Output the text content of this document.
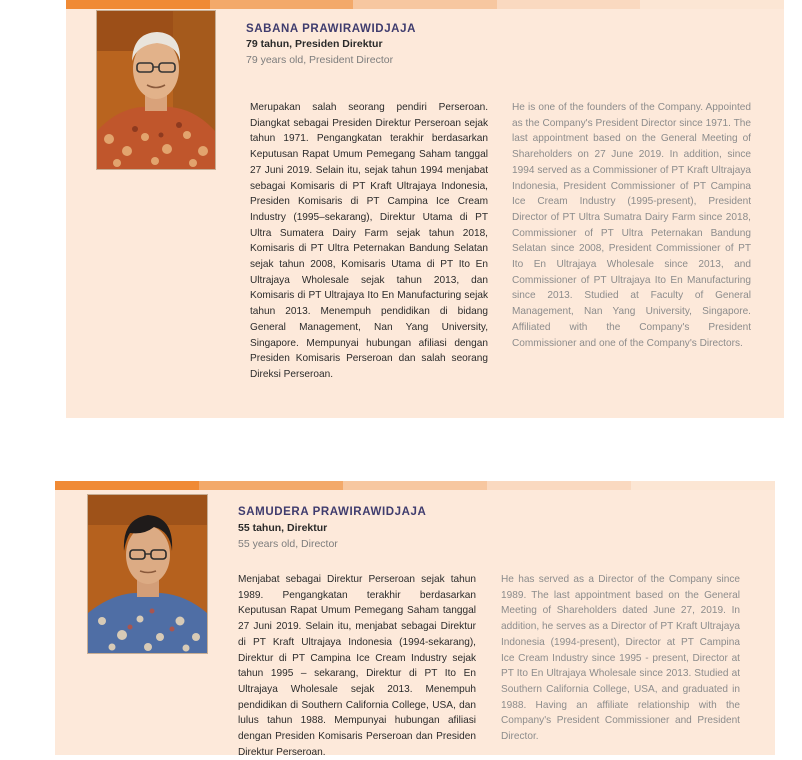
SABANA PRAWIRAWIDJAJA

79 tahun, Presiden Direktur

79 years old, President Director

Merupakan salah seorang pendiri Perseroan. Diangkat sebagai Presiden Direktur Perseroan sejak tahun 1971. Pengangkatan terakhir berdasarkan Keputusan Rapat Umum Pemegang Saham tanggal 27 Juni 2019. Selain itu, sejak tahun 1994 menjabat sebagai Komisaris di PT Kraft Ultrajaya Indonesia, Presiden Komisaris di PT Campina Ice Cream Industry (1995–sekarang), Direktur Utama di PT Ultra Sumatera Dairy Farm sejak tahun 2018, Komisaris di PT Ultra Peternakan Bandung Selatan sejak tahun 2008, Komisaris Utama di PT Ito En Ultrajaya Wholesale sejak tahun 2013, dan Komisaris di PT Ultrajaya Ito En Manufacturing sejak tahun 2013. Menempuh pendidikan di bidang General Management, Nan Yang University, Singapore. Mempunyai hubungan afiliasi dengan Presiden Komisaris Perseroan dan salah seorang Direksi Perseroan.

He is one of the founders of the Company. Appointed as the Company's President Director since 1971. The last appointment based on the General Meeting of Shareholders on 27 June 2019. In addition, since 1994 served as a Commissioner of PT Kraft Ultrajaya Indonesia, President Commissioner of PT Campina Ice Cream Industry (1995-present), President Director of PT Ultra Sumatra Dairy Farm since 2018, Commissioner of PT Ultra Peternakan Bandung Selatan since 2008, President Commissioner of PT Ito En Ultrajaya Wholesale since 2013, and Commissioner of PT Ultrajaya Ito En Manufacturing since 2013. Studied at Faculty of General Management, Nan Yang University, Singapore. Affiliated with the Company's President Commissioner and one of the Company's Directors.

SAMUDERA PRAWIRAWIDJAJA

55 tahun, Direktur

55 years old, Director

Menjabat sebagai Direktur Perseroan sejak tahun 1989. Pengangkatan terakhir berdasarkan Keputusan Rapat Umum Pemegang Saham tanggal 27 Juni 2019. Selain itu, menjabat sebagai Direktur di PT Kraft Ultrajaya Indonesia (1994-sekarang), Direktur di PT Campina Ice Cream Industry sejak tahun 1995 – sekarang, Direktur di PT Ito En Ultrajaya Wholesale sejak 2013. Menempuh pendidikan di Southern California College, USA, dan lulus tahun 1988. Mempunyai hubungan afiliasi dengan Presiden Komisaris Perseroan dan Presiden Direktur Perseroan.

He has served as a Director of the Company since 1989. The last appointment based on the General Meeting of Shareholders dated June 27, 2019. In addition, he serves as a Director of PT Kraft Ultrajaya Indonesia (1994-present), Director at PT Campina Ice Cream Industry since 1995 - present, Director at PT Ito En Ultrajaya Wholesale since 2013. Studied at Southern California College, USA, and graduated in 1988. Having an affiliate relationship with the Company's President Commissioner and President Director.
